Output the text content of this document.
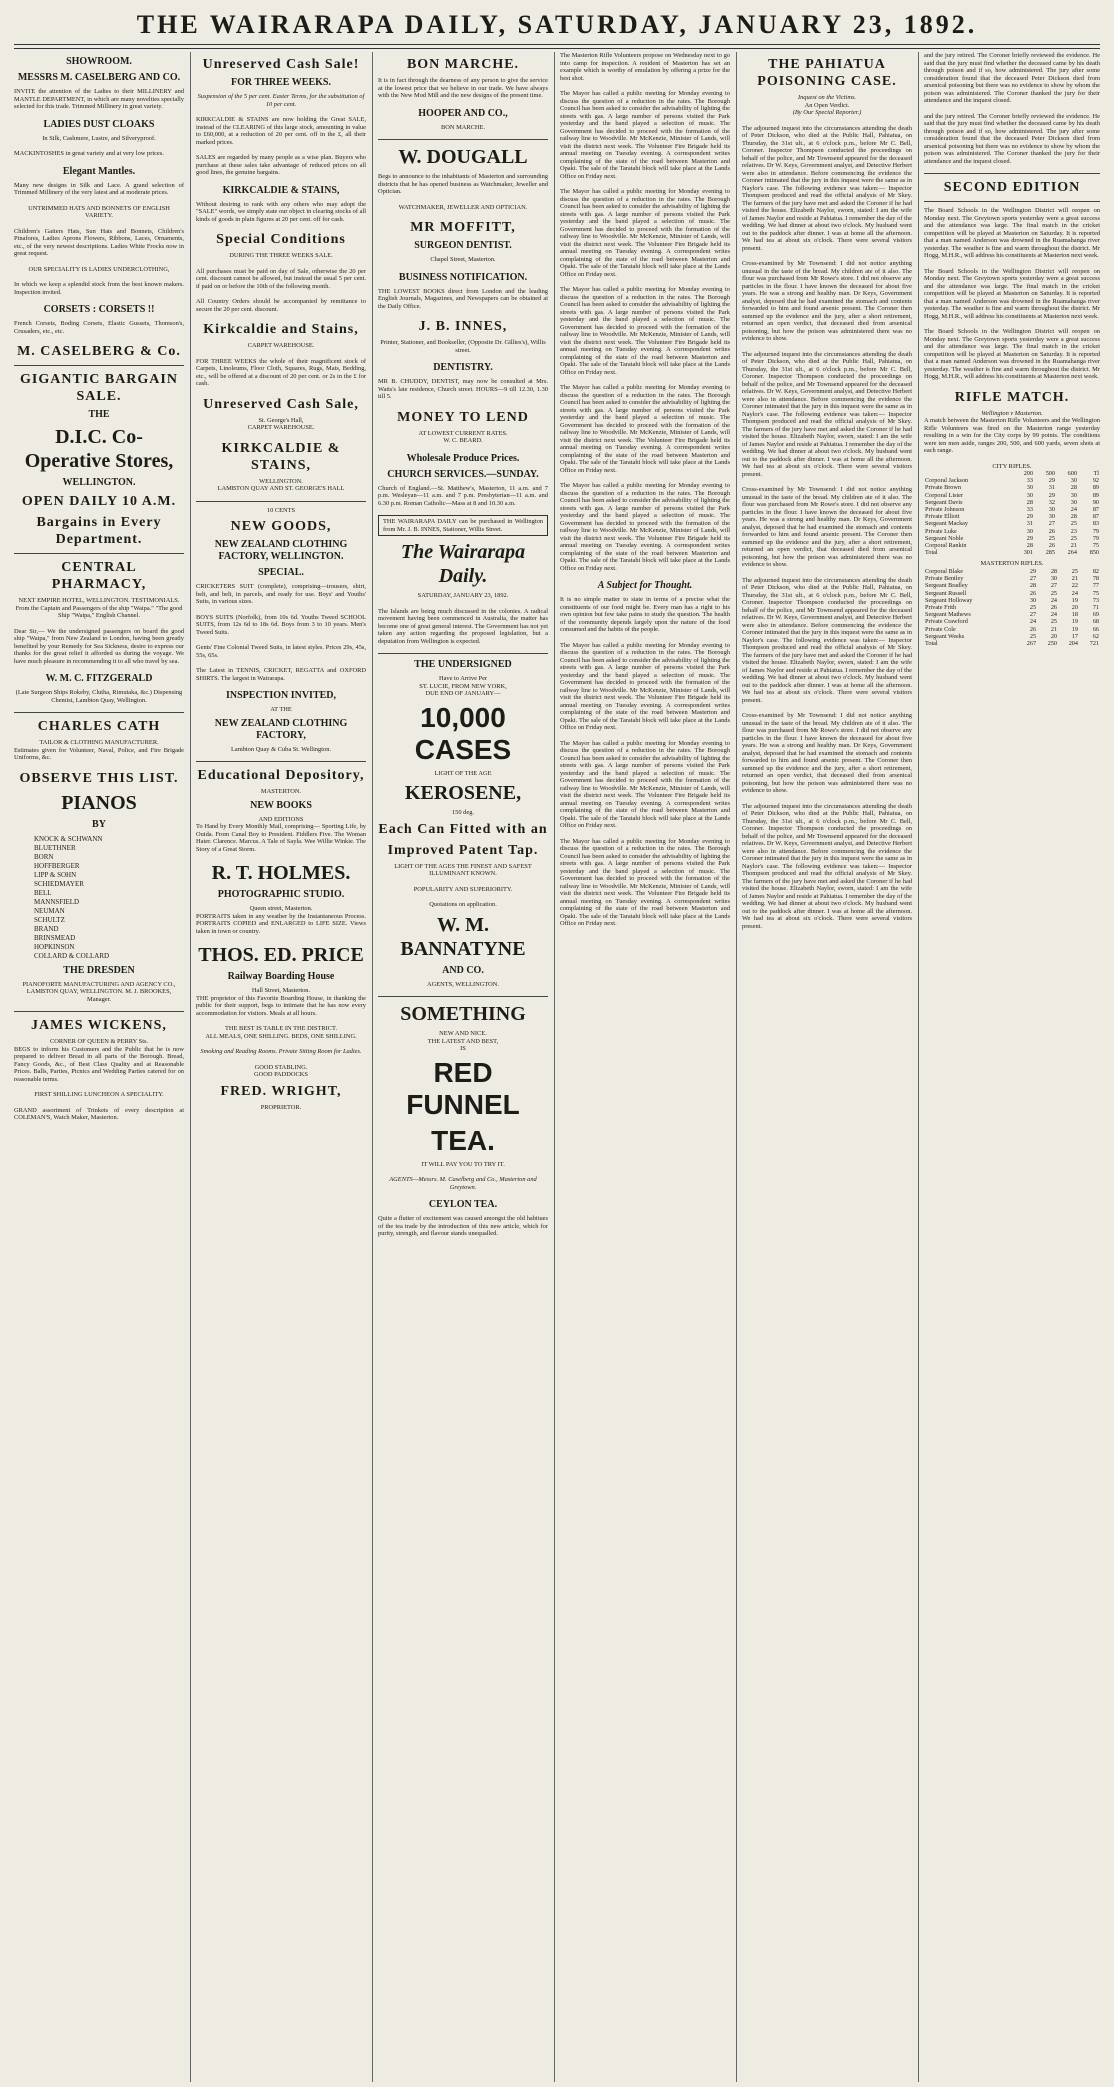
THE WAIRARAPA DAILY, SATURDAY, JANUARY 23, 1892.
SHOWROOM.
MESSRS M. CASELBERG AND CO.
INVITE the attention of the Ladies to their MILLINERY and MANTLE DEPARTMENT, in which are many novelties specially selected for this trade. Trimmed Millinery in great variety.
LADIES DUST CLOAKS
In Silk, Cashmere, Lustre, and Silveryproof.
MACKINTOSHES in great variety and at very low prices.
Elegant Mantles.
Many new designs in Silk and Lace. A grand selection of Trimmed Millinery of the very latest and at moderate prices.
UNTRIMMED HATS AND BONNETS OF ENGLISH VARIETY.
Children's Gaiters Hats, Sun Hats and Bonnets, Children's Pinafores, Ladies Aprons Flowers, Ribbons, Laces, Ornaments, etc., of the very newest descriptions. Ladies White Frocks now in great request.
OUR SPECIALITY IS LADIES UNDERCLOTHING,
In which we keep a splendid stock from the best known makers. Inspection invited.
CORSETS : CORSETS !!
French Corsets, Boding Corsets, Elastic Gussets, Thomson's, Crusaders, etc., etc.
M. CASELBERG & Co.
GIGANTIC BARGAIN SALE.
THE
D.I.C. Co-Operative Stores,
WELLINGTON.
OPEN DAILY 10 A.M.
Bargains in Every Department.
CENTRAL PHARMACY,
NEXT EMPIRE HOTEL, WELLINGTON. TESTIMONIALS. From the Captain and Passengers of the ship "Waipa." "The good Ship "Waipa," English Channel.
Dear Sir,— We the undersigned passengers on board the good ship "Waipa," from New Zealand to London, having been greatly benefited by your Remedy for Sea Sickness, desire to express our thanks for the great relief it afforded us during the voyage. We have much pleasure in recommending it to all who travel by sea.
W. M. C. FITZGERALD
(Late Surgeon Ships Rokeby, Clutha, Rimutaka, &c.) Dispensing Chemist, Lambton Quay, Wellington.
CHARLES CATH
TAILOR & CLOTHING MANUFACTURER.
Estimates given for Volunteer, Naval, Police, and Fire Brigade Uniforms, &c.
OBSERVE THIS LIST.
PIANOS
BY
KNOCK & SCHWANN
BLUETHNER
BORN
HOFFBERGER
LIPP & SOHN
SCHIEDMAYER
BELL
MANNSFIELD
NEUMAN
SCHULTZ
BRAND
BRINSMEAD
HOPKINSON
COLLARD & COLLARD
THE DRESDEN
PIANOFORTE MANUFACTURING AND AGENCY CO., LAMBTON QUAY, WELLINGTON. M. J. BROOKES, Manager.
JAMES WICKENS,
CORNER OF QUEEN & PERRY Sts.
BEGS to inform his Customers and the Public that he is now prepared to deliver Bread in all parts of the Borough. Bread, Fancy Goods, &c., of Best Class Quality and at Reasonable Prices. Balls, Parties, Picnics and Wedding Parties catered for on reasonable terms.
FIRST SHILLING LUNCHEON A SPECIALITY.
GRAND assortment of Trinkets of every description at COLEMAN'S, Watch Maker, Masterton.
Unreserved Cash Sale!
FOR THREE WEEKS.
Suspension of the 5 per cent. Easter Terms, for the substitution of 10 per cent.
KIRKCALDIE & STAINS are now holding the Great SALE, instead of the CLEARING of this large stock, amounting in value to £60,000, at a reduction of 20 per cent. off in the £, all their marked prices.
SALES are regarded by many people as a wise plan. Buyers who purchase at these sales take advantage of reduced prices on all good lines, the genuine bargains.
KIRKCALDIE & STAINS,
Without desiring to rank with any others who may adopt the "SALE" words, we simply state our object in clearing stocks of all kinds of goods in plain figures at 20 per cent. off for cash.
Special Conditions
DURING THE THREE WEEKS SALE.
All purchases must be paid on day of Sale, otherwise the 20 per cent. discount cannot be allowed, but instead the usual 5 per cent. if paid on or before the 10th of the following month.
All Country Orders should be accompanied by remittance to secure the 20 per cent. discount.
Kirkcaldie and Stains,
CARPET WAREHOUSE.
FOR THREE WEEKS the whole of their magnificent stock of Carpets, Linoleums, Floor Cloth, Squares, Rugs, Mats, Bedding, etc., will be offered at a discount of 20 per cent. or 2s in the £ for cash.
Unreserved Cash Sale,
St. George's Hall,
CARPET WAREHOUSE.
KIRKCALDIE & STAINS,
WELLINGTON.
LAMBTON QUAY AND ST. GEORGE'S HALL
10 CENTS
NEW GOODS,
NEW ZEALAND CLOTHING FACTORY, WELLINGTON.
SPECIAL.
CRICKETERS SUIT (complete), comprising—trousers, shirt, belt, and belt, in parcels, and ready for use. Boys' and Youths' Suits, in various sizes.
BOYS SUITS (Norfolk), from 10s 6d. Youths Tweed SCHOOL SUITS, from 12s 6d to 18s 6d. Boys from 3 to 10 years. Men's Tweed Suits.
Gents' Fine Colonial Tweed Suits, in latest styles. Prices 29s, 45s, 55s, 65s.
The Latest in TENNIS, CRICKET, REGATTA and OXFORD SHIRTS. The largest in Wairarapa.
INSPECTION INVITED,
AT THE
NEW ZEALAND CLOTHING FACTORY,
Lambton Quay & Cuba St. Wellington.
Educational Depository,
MASTERTON.
NEW BOOKS
AND EDITIONS
To Hand by Every Monthly Mail, comprising— Sporting Life, by Ouida. From Canal Boy to President. Fiddlers Five. The Woman Hater. Clarence. Marcus. A Tale of Sayla. Wee Willie Winkie. The Story of a Great Storm.
R. T. HOLMES.
PHOTOGRAPHIC STUDIO.
Queen street, Masterton.
PORTRAITS taken in any weather by the Instantaneous Process. PORTRAITS COPIED and ENLARGED to LIFE SIZE. Views taken in town or country.
THOS. ED. PRICE
Railway Boarding House
Hall Street, Masterton.
THE proprietor of this Favorite Boarding House, in thanking the public for their support, begs to intimate that he has now every accommodation for visitors. Meals at all hours.
THE BEST IS TABLE IN THE DISTRICT.
ALL MEALS, ONE SHILLING. BEDS, ONE SHILLING.
Smoking and Reading Rooms. Private Sitting Room for Ladies.
GOOD STABLING.
GOOD PADDOCKS
FRED. WRIGHT,
PROPRIETOR.
BON MARCHE.
It is in fact through the dearness of any person to give the service at the lowest price that we believe in our trade. We have always with the New Mod Mill and the new designs of the present time.
HOOPER AND CO.,
BON MARCHE.
W. DOUGALL
Begs to announce to the inhabitants of Masterton and surrounding districts that he has opened business as Watchmaker, Jeweller and Optician.
WATCHMAKER, JEWELLER AND OPTICIAN.
MR MOFFITT,
SURGEON DENTIST.
Chapel Street, Masterton.
BUSINESS NOTIFICATION.
THE LOWEST BOOKS direct from London and the leading English Journals, Magazines, and Newspapers can be obtained at the Daily Office.
J. B. INNES,
Printer, Stationer, and Bookseller, (Opposite Dr. Gillies's), Willis street.
DENTISTRY.
MR B. CHUDDY, DENTIST, may now be consulted at Mrs. Watts's late residence, Church street. HOURS—9 till 12.30, 1.30 till 5.
MONEY TO LEND
AT LOWEST CURRENT RATES.
W. C. BEARD.
Wholesale Produce Prices.
CHURCH SERVICES.—SUNDAY.
Church of England.—St. Matthew's, Masterton, 11 a.m. and 7 p.m. Wesleyan—11 a.m. and 7 p.m. Presbyterian—11 a.m. and 6.30 p.m. Roman Catholic—Mass at 8 and 10.30 a.m.
THE WAIRARAPA DAILY can be purchased in Wellington from Mr. J. B. INNES, Stationer, Willis Street.
The Wairarapa Daily.
SATURDAY, JANUARY 23, 1892.
The Islands are being much discussed in the colonies. A radical movement having been commenced in Australia, the matter has become one of great general interest. The Government has not yet taken any action regarding the proposed legislation, but a deputation from Wellington is expected.
THE UNDERSIGNED
Have to Arrive Per
ST. LUCIE, FROM NEW YORK,
DUE END OF JANUARY—
10,000 CASES
LIGHT OF THE AGE
KEROSENE,
150 deg.
Each Can Fitted with an
Improved Patent Tap.
LIGHT OF THE AGES THE FINEST AND SAFEST ILLUMINANT KNOWN.
POPULARITY AND SUPERIORITY.
Quotations on application.
W. M. BANNATYNE
AND CO.
AGENTS, WELLINGTON.
SOMETHING
NEW AND NICE.
THE LATEST AND BEST,
IS
RED FUNNEL
TEA.
IT WILL PAY YOU TO TRY IT.
AGENTS—Messrs. M. Caselberg and Co., Masterton and Greytown.
CEYLON TEA.
Quite a flutter of excitement was caused amongst the old habitues of the tea trade by the introduction of this new article, which for purity, strength, and flavour stands unequalled.
The Masterton Rifle Volunteers propose on Wednesday next to go into camp for inspection. A resident of Masterton has set an example which is worthy of emulation by offering a prize for the best shot.
The Mayor has called a public meeting for Monday evening to discuss the question of a reduction in the rates. The Borough Council has been asked to consider the advisability of lighting the streets with gas. A large number of persons visited the Park yesterday and the band played a selection of music. The Government has decided to proceed with the formation of the railway line to Woodville. Mr McKenzie, Minister of Lands, will visit the district next week. The Volunteer Fire Brigade held its annual meeting on Tuesday evening. A correspondent writes complaining of the state of the road between Masterton and Opaki. The sale of the Taratahi block will take place at the Lands Office on Friday next.
The Mayor has called a public meeting for Monday evening to discuss the question of a reduction in the rates. The Borough Council has been asked to consider the advisability of lighting the streets with gas. A large number of persons visited the Park yesterday and the band played a selection of music. The Government has decided to proceed with the formation of the railway line to Woodville. Mr McKenzie, Minister of Lands, will visit the district next week. The Volunteer Fire Brigade held its annual meeting on Tuesday evening. A correspondent writes complaining of the state of the road between Masterton and Opaki. The sale of the Taratahi block will take place at the Lands Office on Friday next.
The Mayor has called a public meeting for Monday evening to discuss the question of a reduction in the rates. The Borough Council has been asked to consider the advisability of lighting the streets with gas. A large number of persons visited the Park yesterday and the band played a selection of music. The Government has decided to proceed with the formation of the railway line to Woodville. Mr McKenzie, Minister of Lands, will visit the district next week. The Volunteer Fire Brigade held its annual meeting on Tuesday evening. A correspondent writes complaining of the state of the road between Masterton and Opaki. The sale of the Taratahi block will take place at the Lands Office on Friday next.
The Mayor has called a public meeting for Monday evening to discuss the question of a reduction in the rates. The Borough Council has been asked to consider the advisability of lighting the streets with gas. A large number of persons visited the Park yesterday and the band played a selection of music. The Government has decided to proceed with the formation of the railway line to Woodville. Mr McKenzie, Minister of Lands, will visit the district next week. The Volunteer Fire Brigade held its annual meeting on Tuesday evening. A correspondent writes complaining of the state of the road between Masterton and Opaki. The sale of the Taratahi block will take place at the Lands Office on Friday next.
The Mayor has called a public meeting for Monday evening to discuss the question of a reduction in the rates. The Borough Council has been asked to consider the advisability of lighting the streets with gas. A large number of persons visited the Park yesterday and the band played a selection of music. The Government has decided to proceed with the formation of the railway line to Woodville. Mr McKenzie, Minister of Lands, will visit the district next week. The Volunteer Fire Brigade held its annual meeting on Tuesday evening. A correspondent writes complaining of the state of the road between Masterton and Opaki. The sale of the Taratahi block will take place at the Lands Office on Friday next.
A Subject for Thought.
It is no simple matter to state in terms of a precise what the constituents of our food might be. Every man has a right to his own opinion but few take pains to study the question. The health of the community depends largely upon the nature of the food consumed and the habits of the people.
The Mayor has called a public meeting for Monday evening to discuss the question of a reduction in the rates. The Borough Council has been asked to consider the advisability of lighting the streets with gas. A large number of persons visited the Park yesterday and the band played a selection of music. The Government has decided to proceed with the formation of the railway line to Woodville. Mr McKenzie, Minister of Lands, will visit the district next week. The Volunteer Fire Brigade held its annual meeting on Tuesday evening. A correspondent writes complaining of the state of the road between Masterton and Opaki. The sale of the Taratahi block will take place at the Lands Office on Friday next.
The Mayor has called a public meeting for Monday evening to discuss the question of a reduction in the rates. The Borough Council has been asked to consider the advisability of lighting the streets with gas. A large number of persons visited the Park yesterday and the band played a selection of music. The Government has decided to proceed with the formation of the railway line to Woodville. Mr McKenzie, Minister of Lands, will visit the district next week. The Volunteer Fire Brigade held its annual meeting on Tuesday evening. A correspondent writes complaining of the state of the road between Masterton and Opaki. The sale of the Taratahi block will take place at the Lands Office on Friday next.
The Mayor has called a public meeting for Monday evening to discuss the question of a reduction in the rates. The Borough Council has been asked to consider the advisability of lighting the streets with gas. A large number of persons visited the Park yesterday and the band played a selection of music. The Government has decided to proceed with the formation of the railway line to Woodville. Mr McKenzie, Minister of Lands, will visit the district next week. The Volunteer Fire Brigade held its annual meeting on Tuesday evening. A correspondent writes complaining of the state of the road between Masterton and Opaki. The sale of the Taratahi block will take place at the Lands Office on Friday next.
THE PAHIATUA POISONING CASE.
Inquest on the Victims.
An Open Verdict.
(By Our Special Reporter.)
The adjourned inquest into the circumstances attending the death of Peter Dickson, who died at the Public Hall, Pahiatua, on Thursday, the 31st ult., at 6 o'clock p.m., before Mr C. Bell, Coroner. Inspector Thompson conducted the proceedings on behalf of the police, and Mr Townsend appeared for the deceased relatives. Dr W. Keys, Government analyst, and Detective Herbert were also in attendance. Before commencing the evidence the Coroner intimated that the jury in this inquest were the same as in Naylor's case. The following evidence was taken:— Inspector Thompson produced and read the official analysis of Mr Skey. The farmers of the jury have met and asked the Coroner if he had visited the house. Elizabeth Naylor, sworn, stated: I am the wife of James Naylor and reside at Pahiatua. I remember the day of the wedding. We had dinner at about two o'clock. My husband went out to the paddock after dinner. I was at home all the afternoon. We had tea at about six o'clock. There were several visitors present.
Cross-examined by Mr Townsend: I did not notice anything unusual in the taste of the bread. My children ate of it also. The flour was purchased from Mr Rowe's store. I did not observe any particles in the flour. I have known the deceased for about five years. He was a strong and healthy man. Dr Keys, Government analyst, deposed that he had examined the stomach and contents forwarded to him and found arsenic present. The Coroner then summed up the evidence and the jury, after a short retirement, returned an open verdict, that deceased died from arsenical poisoning, but how the poison was administered there was no evidence to show.
The adjourned inquest into the circumstances attending the death of Peter Dickson, who died at the Public Hall, Pahiatua, on Thursday, the 31st ult., at 6 o'clock p.m., before Mr C. Bell, Coroner. Inspector Thompson conducted the proceedings on behalf of the police, and Mr Townsend appeared for the deceased relatives. Dr W. Keys, Government analyst, and Detective Herbert were also in attendance. Before commencing the evidence the Coroner intimated that the jury in this inquest were the same as in Naylor's case. The following evidence was taken:— Inspector Thompson produced and read the official analysis of Mr Skey. The farmers of the jury have met and asked the Coroner if he had visited the house. Elizabeth Naylor, sworn, stated: I am the wife of James Naylor and reside at Pahiatua. I remember the day of the wedding. We had dinner at about two o'clock. My husband went out to the paddock after dinner. I was at home all the afternoon. We had tea at about six o'clock. There were several visitors present.
Cross-examined by Mr Townsend: I did not notice anything unusual in the taste of the bread. My children ate of it also. The flour was purchased from Mr Rowe's store. I did not observe any particles in the flour. I have known the deceased for about five years. He was a strong and healthy man. Dr Keys, Government analyst, deposed that he had examined the stomach and contents forwarded to him and found arsenic present. The Coroner then summed up the evidence and the jury, after a short retirement, returned an open verdict, that deceased died from arsenical poisoning, but how the poison was administered there was no evidence to show.
The adjourned inquest into the circumstances attending the death of Peter Dickson, who died at the Public Hall, Pahiatua, on Thursday, the 31st ult., at 6 o'clock p.m., before Mr C. Bell, Coroner. Inspector Thompson conducted the proceedings on behalf of the police, and Mr Townsend appeared for the deceased relatives. Dr W. Keys, Government analyst, and Detective Herbert were also in attendance. Before commencing the evidence the Coroner intimated that the jury in this inquest were the same as in Naylor's case. The following evidence was taken:— Inspector Thompson produced and read the official analysis of Mr Skey. The farmers of the jury have met and asked the Coroner if he had visited the house. Elizabeth Naylor, sworn, stated: I am the wife of James Naylor and reside at Pahiatua. I remember the day of the wedding. We had dinner at about two o'clock. My husband went out to the paddock after dinner. I was at home all the afternoon. We had tea at about six o'clock. There were several visitors present.
Cross-examined by Mr Townsend: I did not notice anything unusual in the taste of the bread. My children ate of it also. The flour was purchased from Mr Rowe's store. I did not observe any particles in the flour. I have known the deceased for about five years. He was a strong and healthy man. Dr Keys, Government analyst, deposed that he had examined the stomach and contents forwarded to him and found arsenic present. The Coroner then summed up the evidence and the jury, after a short retirement, returned an open verdict, that deceased died from arsenical poisoning, but how the poison was administered there was no evidence to show.
The adjourned inquest into the circumstances attending the death of Peter Dickson, who died at the Public Hall, Pahiatua, on Thursday, the 31st ult., at 6 o'clock p.m., before Mr C. Bell, Coroner. Inspector Thompson conducted the proceedings on behalf of the police, and Mr Townsend appeared for the deceased relatives. Dr W. Keys, Government analyst, and Detective Herbert were also in attendance. Before commencing the evidence the Coroner intimated that the jury in this inquest were the same as in Naylor's case. The following evidence was taken:— Inspector Thompson produced and read the official analysis of Mr Skey. The farmers of the jury have met and asked the Coroner if he had visited the house. Elizabeth Naylor, sworn, stated: I am the wife of James Naylor and reside at Pahiatua. I remember the day of the wedding. We had dinner at about two o'clock. My husband went out to the paddock after dinner. I was at home all the afternoon. We had tea at about six o'clock. There were several visitors present.
and the jury retired. The Coroner briefly reviewed the evidence. He said that the jury must find whether the deceased came by his death through poison and if so, how administered. The jury after some consideration found that the deceased Peter Dickson died from arsenical poisoning but there was no evidence to show by whom the poison was administered. The Coroner thanked the jury for their attendance and the inquest closed.
and the jury retired. The Coroner briefly reviewed the evidence. He said that the jury must find whether the deceased came by his death through poison and if so, how administered. The jury after some consideration found that the deceased Peter Dickson died from arsenical poisoning but there was no evidence to show by whom the poison was administered. The Coroner thanked the jury for their attendance and the inquest closed.
SECOND EDITION
The Board Schools in the Wellington District will reopen on Monday next. The Greytown sports yesterday were a great success and the attendance was large. The final match in the cricket competition will be played at Masterton on Saturday. It is reported that a man named Anderson was drowned in the Ruamahanga river yesterday. The weather is fine and warm throughout the district. Mr Hogg, M.H.R., will address his constituents at Masterton next week.
The Board Schools in the Wellington District will reopen on Monday next. The Greytown sports yesterday were a great success and the attendance was large. The final match in the cricket competition will be played at Masterton on Saturday. It is reported that a man named Anderson was drowned in the Ruamahanga river yesterday. The weather is fine and warm throughout the district. Mr Hogg, M.H.R., will address his constituents at Masterton next week.
The Board Schools in the Wellington District will reopen on Monday next. The Greytown sports yesterday were a great success and the attendance was large. The final match in the cricket competition will be played at Masterton on Saturday. It is reported that a man named Anderson was drowned in the Ruamahanga river yesterday. The weather is fine and warm throughout the district. Mr Hogg, M.H.R., will address his constituents at Masterton next week.
RIFLE MATCH.
Wellington v Masterton.
A match between the Masterton Rifle Volunteers and the Wellington Rifle Volunteers was fired on the Masterton range yesterday resulting in a win for the City corps by 99 points. The conditions were ten men aside, ranges 200, 500, and 600 yards, seven shots at each range.
CITY RIFLES.
	200	500	600	Tl
Corporal Jackson	33	29	30	92
Private Brown	30	31	28	89
Corporal Lister	30	29	30	89
Sergeant Davis	28	32	30	90
Private Johnson	33	30	24	87
Private Elliott	29	30	28	87
Sergeant Mackay	31	27	25	83
Private Luke	30	26	23	79
Sergeant Noble	29	25	25	79
Corporal Rankin	28	26	21	75
Total	301	285	264	850
MASTERTON RIFLES.
Corporal Blake	29	28	25	82
Private Bentley	27	30	21	78
Sergeant Bradley	28	27	22	77
Sergeant Russell	26	25	24	75
Sergeant Holloway	30	24	19	73
Private Frith	25	26	20	71
Sergeant Mathews	27	24	18	69
Private Crawford	24	25	19	68
Private Cole	26	21	19	66
Sergeant Weeks	25	20	17	62
Total	267	250	204	721
